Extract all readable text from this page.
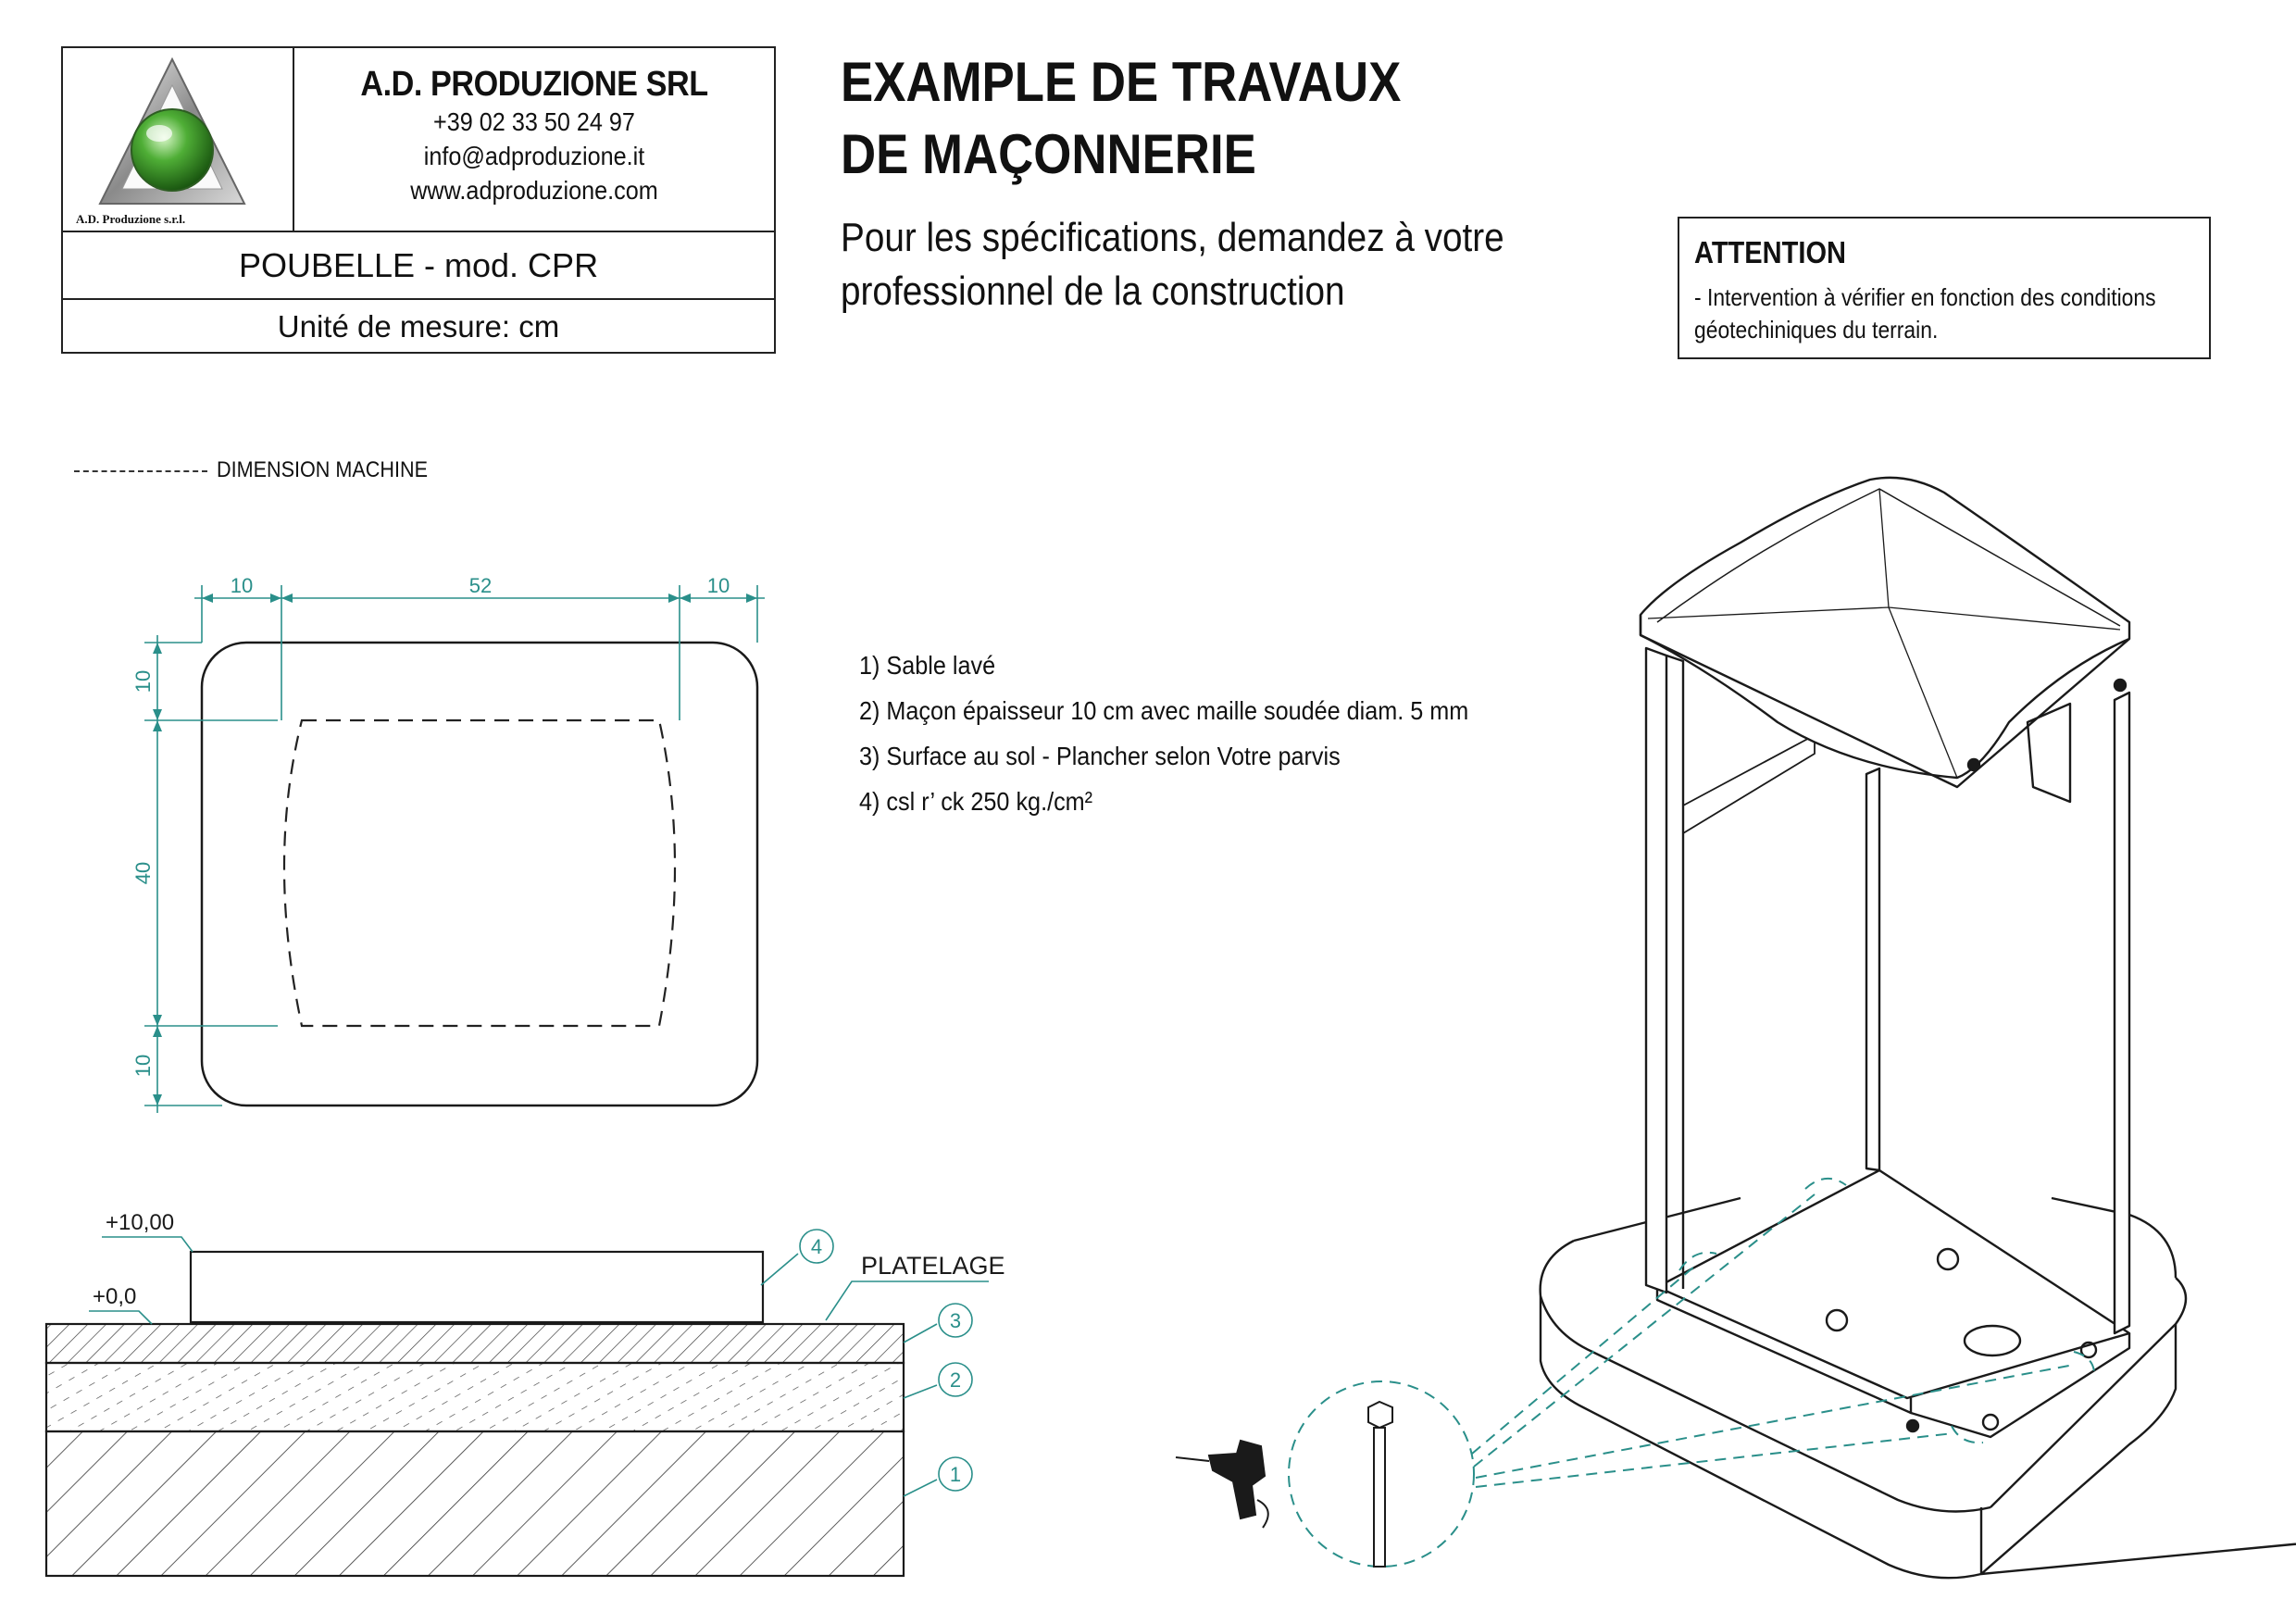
A.D. Produzione s.r.l.
A.D. PRODUZIONE SRL
+39 02 33 50 24 97
info@adproduzione.it
www.adproduzione.com
POUBELLE - mod. CPR
Unité de mesure: cm
EXAMPLE DE TRAVAUX
DE MAÇONNERIE
Pour les spécifications, demandez à votre
professionnel de la construction
ATTENTION
- Intervention à vérifier en fonction des conditions
géotechiniques du terrain.
DIMENSION MACHINE
1) Sable lavé
2) Maçon épaisseur 10 cm avec maille soudée diam. 5 mm
3) Surface au sol - Plancher selon Votre parvis
4) csl r’ ck 250 kg./cm²
10	52	10
10
40
10
+10,00
+0,0
PLATELAGE
4
3
2
1
